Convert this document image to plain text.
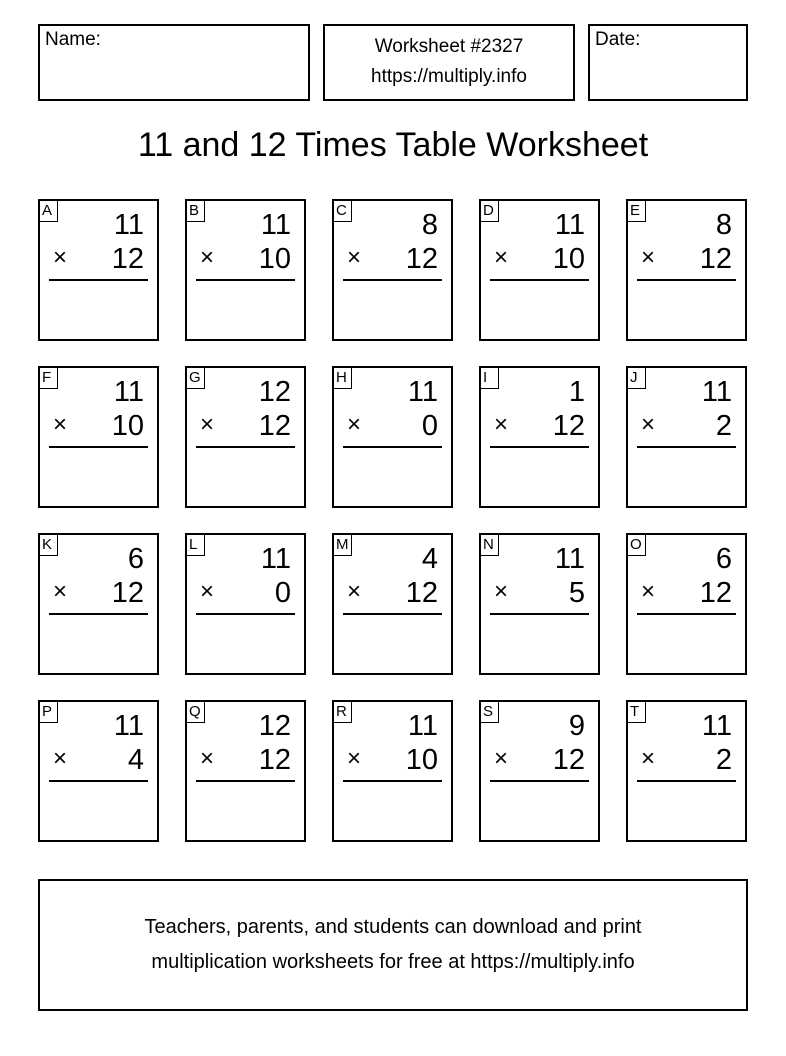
Name:	Worksheet #2327
https://multiply.info
Date:
11 and 12 Times Table Worksheet
A 11
× 12
B 11
× 10
C	8
× 12
D 11
× 10
E	8
× 12
F 11
× 10
G 12
× 12
H 11
× 0
I	1
× 12
J 11
× 2
K	6
× 12
L 11
× 0
M	4
× 12
N 11
× 5
O	6
× 12
P 11
× 4
Q 12
× 12
R 11
× 10
S	9
× 12
T 11
× 2
Teachers, parents, and students can download and print
multiplication worksheets for free at https://multiply.info
